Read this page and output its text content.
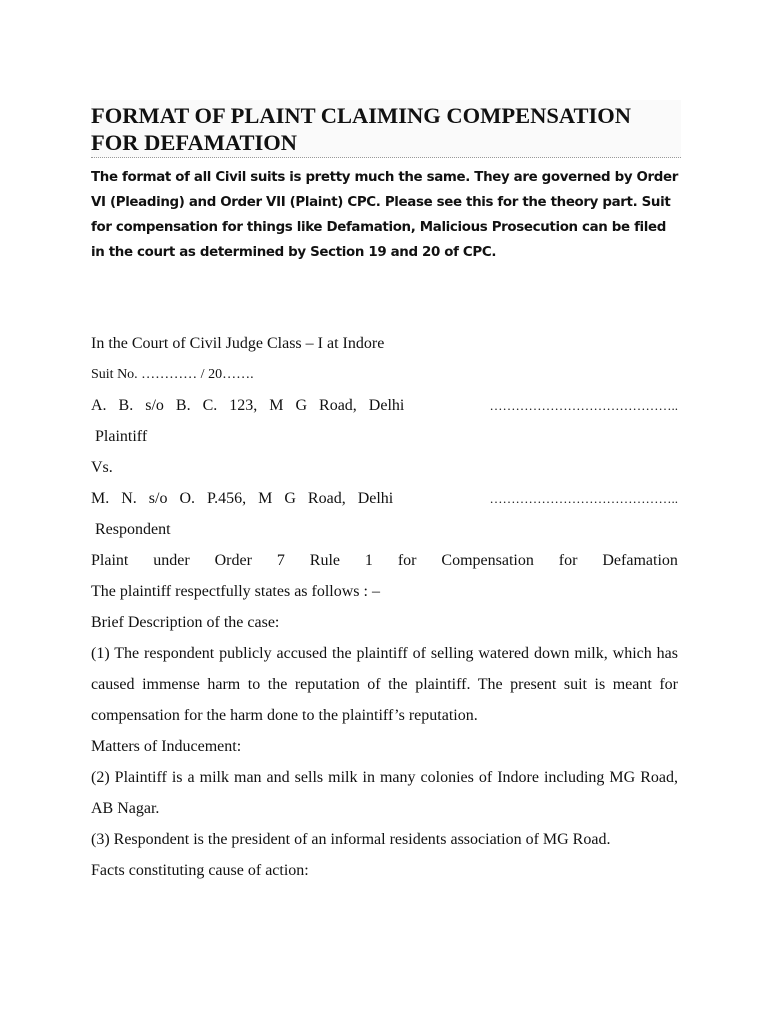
FORMAT OF PLAINT CLAIMING COMPENSATION FOR DEFAMATION

The format of all Civil suits is pretty much the same. They are governed by Order VI (Pleading) and Order VII (Plaint) CPC. Please see this for the theory part. Suit for compensation for things like Defamation, Malicious Prosecution can be filed in the court as determined by Section 19 and 20 of CPC.

In the Court of Civil Judge Class – I at Indore
Suit No. ………… / 20…….
A. B. s/o B. C. 123, M G Road, Delhi	……………………………………..
Plaintiff
Vs.
M. N. s/o O. P.456, M G Road, Delhi	……………………………………..
Respondent
Plaint under Order 7 Rule 1 for Compensation for Defamation
The plaintiff respectfully states as follows : –
Brief Description of the case:

(1) The respondent publicly accused the plaintiff of selling watered down milk, which has caused immense harm to the reputation of the plaintiff. The present suit is meant for compensation for the harm done to the plaintiff’s reputation.

Matters of Inducement:

(2) Plaintiff is a milk man and sells milk in many colonies of Indore including MG Road, AB Nagar.

(3) Respondent is the president of an informal residents association of MG Road.
Facts constituting cause of action:
